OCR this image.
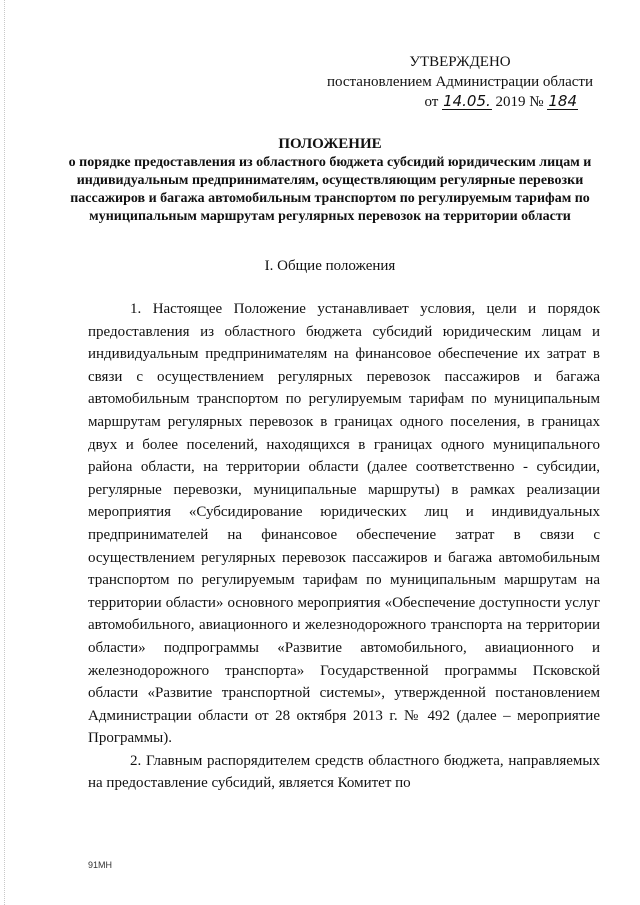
УТВЕРЖДЕНО
постановлением Администрации области
от 14.05. 2019 № 184
ПОЛОЖЕНИЕ
о порядке предоставления из областного бюджета субсидий юридическим лицам и индивидуальным предпринимателям, осуществляющим регулярные перевозки пассажиров и багажа автомобильным транспортом по регулируемым тарифам по муниципальным маршрутам регулярных перевозок на территории области
I. Общие положения

1. Настоящее Положение устанавливает условия, цели и порядок предоставления из областного бюджета субсидий юридическим лицам и индивидуальным предпринимателям на финансовое обеспечение их затрат в связи с осуществлением регулярных перевозок пассажиров и багажа автомобильным транспортом по регулируемым тарифам по муниципальным маршрутам регулярных перевозок в границах одного поселения, в границах двух и более поселений, находящихся в границах одного муниципального района области, на территории области (далее соответственно - субсидии, регулярные перевозки, муниципальные маршруты) в рамках реализации мероприятия «Субсидирование юридических лиц и индивидуальных предпринимателей на финансовое обеспечение затрат в связи с осуществлением регулярных перевозок пассажиров и багажа автомобильным транспортом по регулируемым тарифам по муниципальным маршрутам на территории области» основного мероприятия «Обеспечение доступности услуг автомобильного, авиационного и железнодорожного транспорта на территории области» подпрограммы «Развитие автомобильного, авиационного и железнодорожного транспорта» Государственной программы Псковской области «Развитие транспортной системы», утвержденной постановлением Администрации области от 28 октября 2013 г. № 492 (далее – мероприятие Программы).

2. Главным распорядителем средств областного бюджета, направляемых на предоставление субсидий, является Комитет по

91МН
